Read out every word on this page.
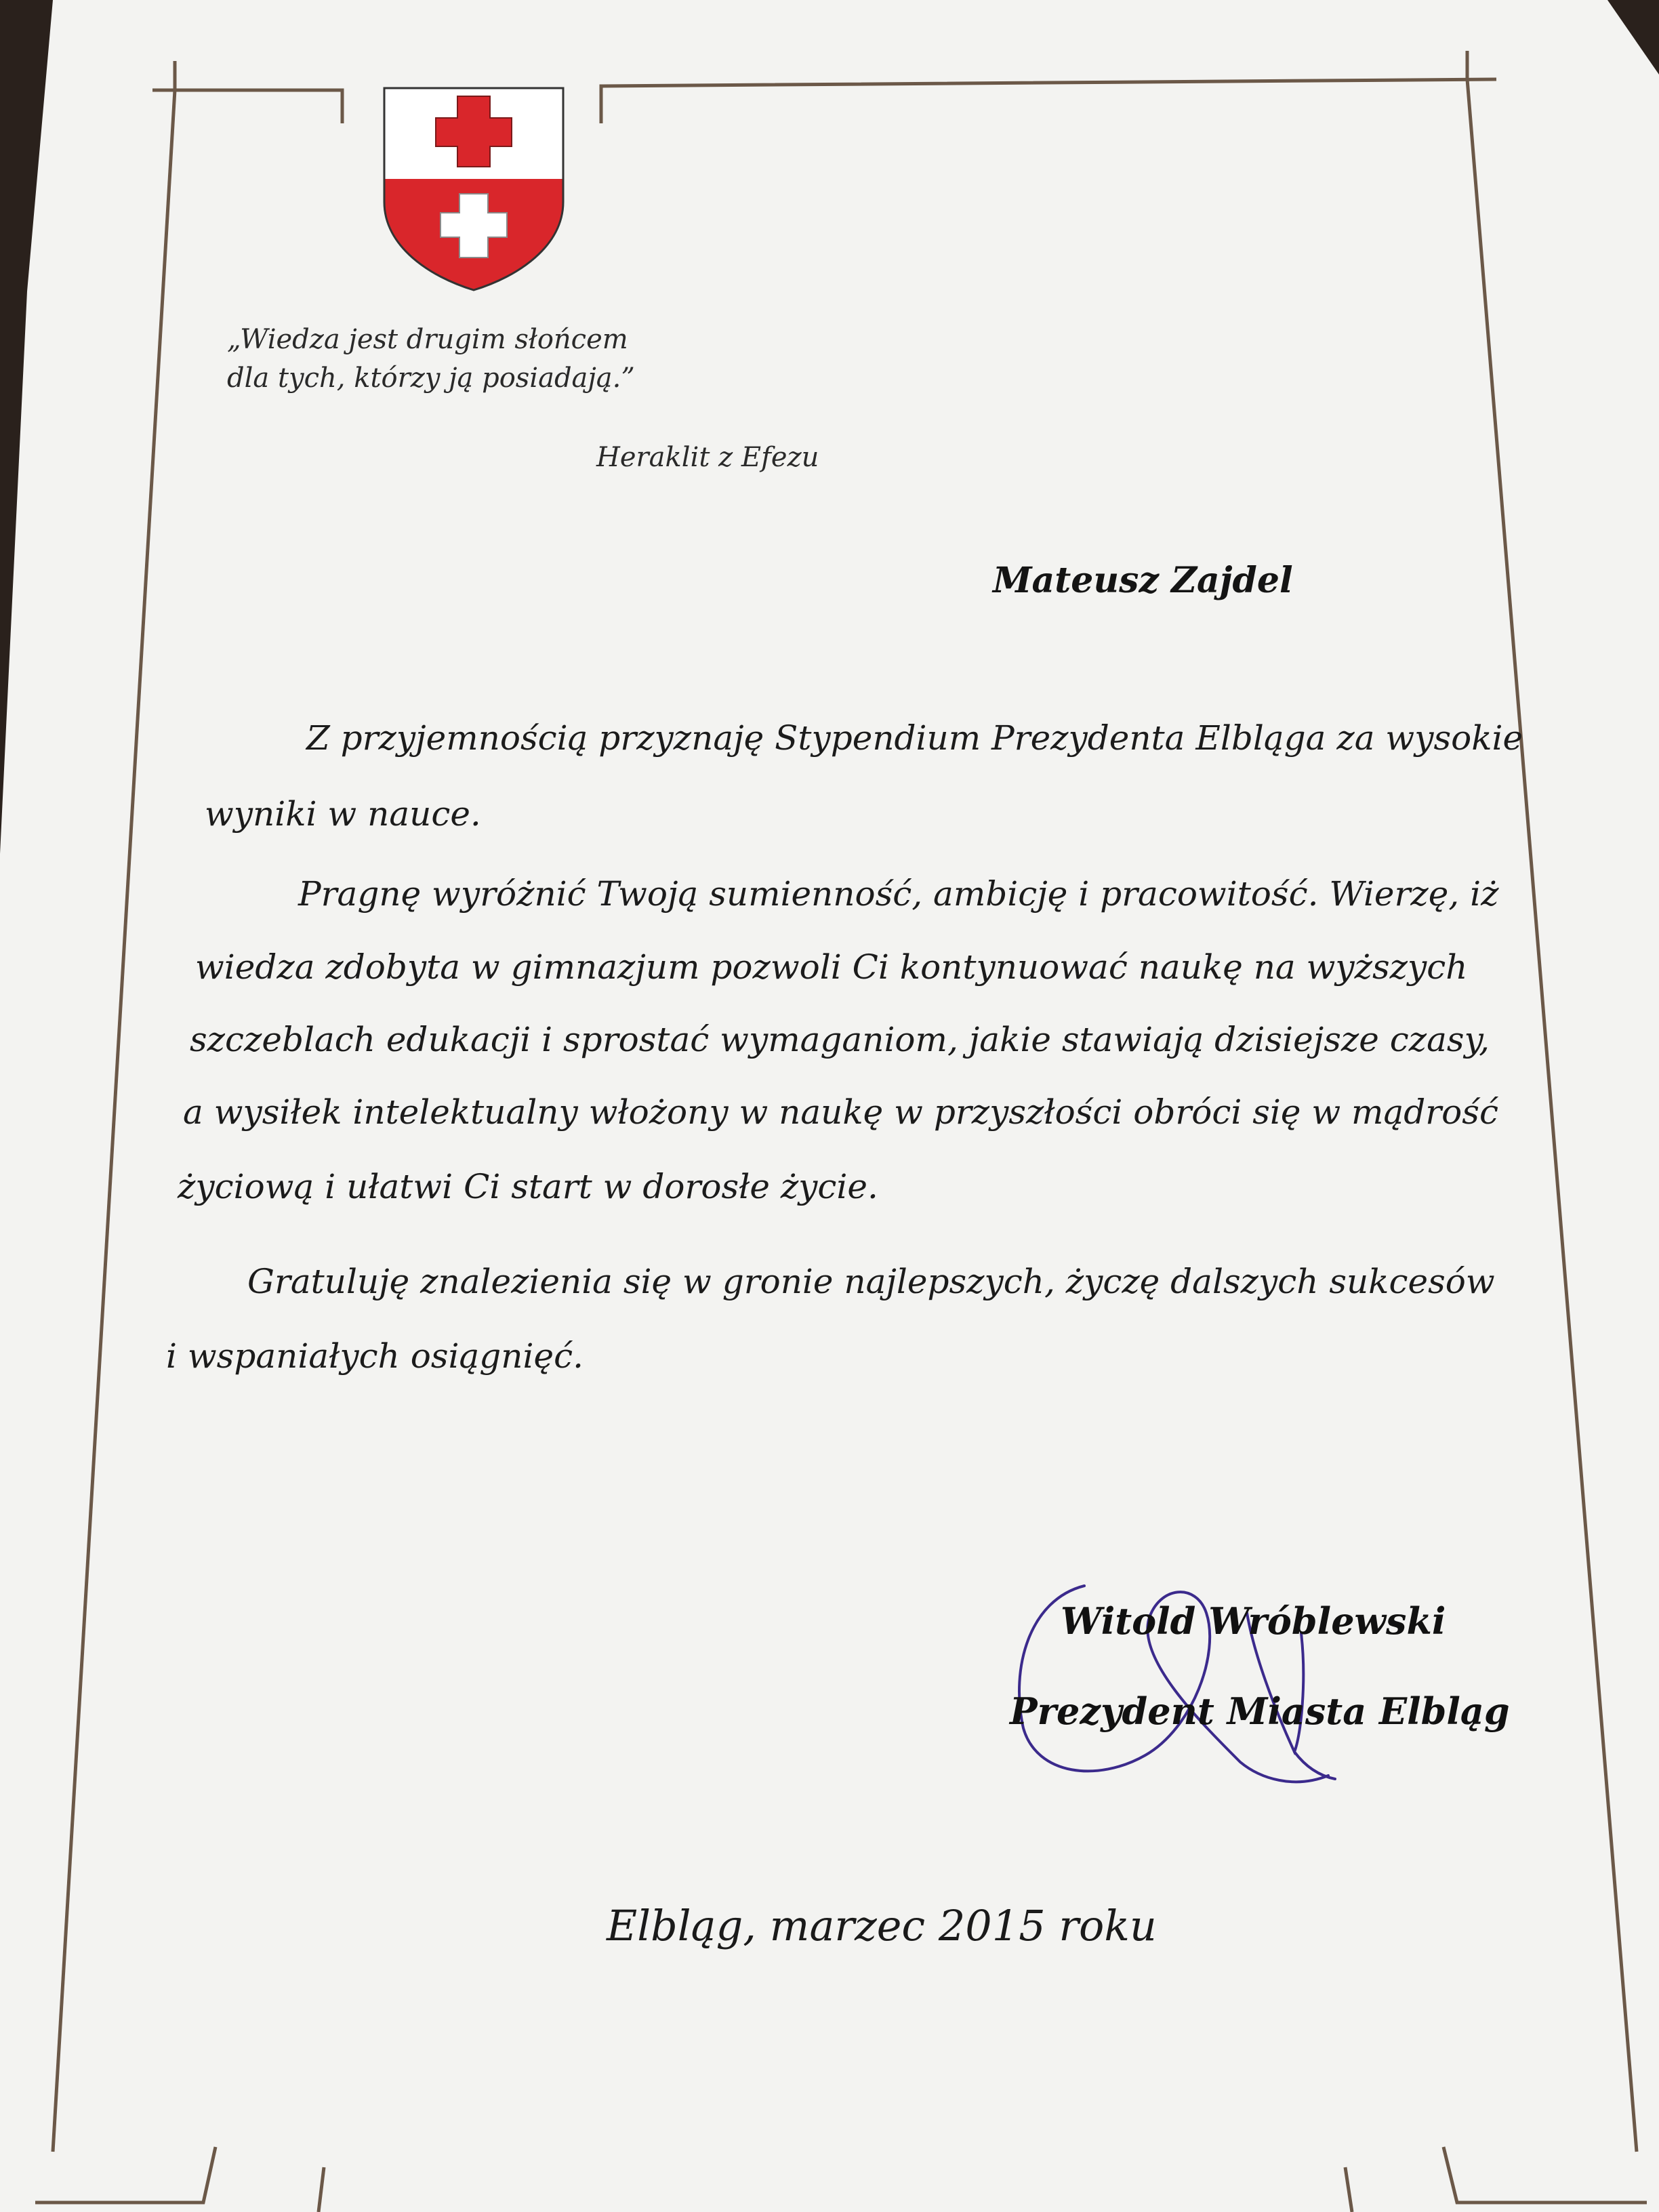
„Wiedza jest drugim słońcem
dla tych, którzy ją posiadają.”
Heraklit z Efezu
Mateusz Zajdel
Z przyjemnością przyznaję Stypendium Prezydenta Elbląga za wysokie
wyniki w nauce.
Pragnę wyróżnić Twoją sumienność, ambicję i pracowitość. Wierzę, iż
wiedza zdobyta w gimnazjum pozwoli Ci kontynuować naukę na wyższych
szczeblach edukacji i sprostać wymaganiom, jakie stawiają dzisiejsze czasy,
a wysiłek intelektualny włożony w naukę w przyszłości obróci się w mądrość
życiową i ułatwi Ci start w dorosłe życie.
Gratuluję znalezienia się w gronie najlepszych, życzę dalszych sukcesów
i wspaniałych osiągnięć.
Witold Wróblewski
Prezydent Miasta Elbląg
Elbląg, marzec 2015 roku
